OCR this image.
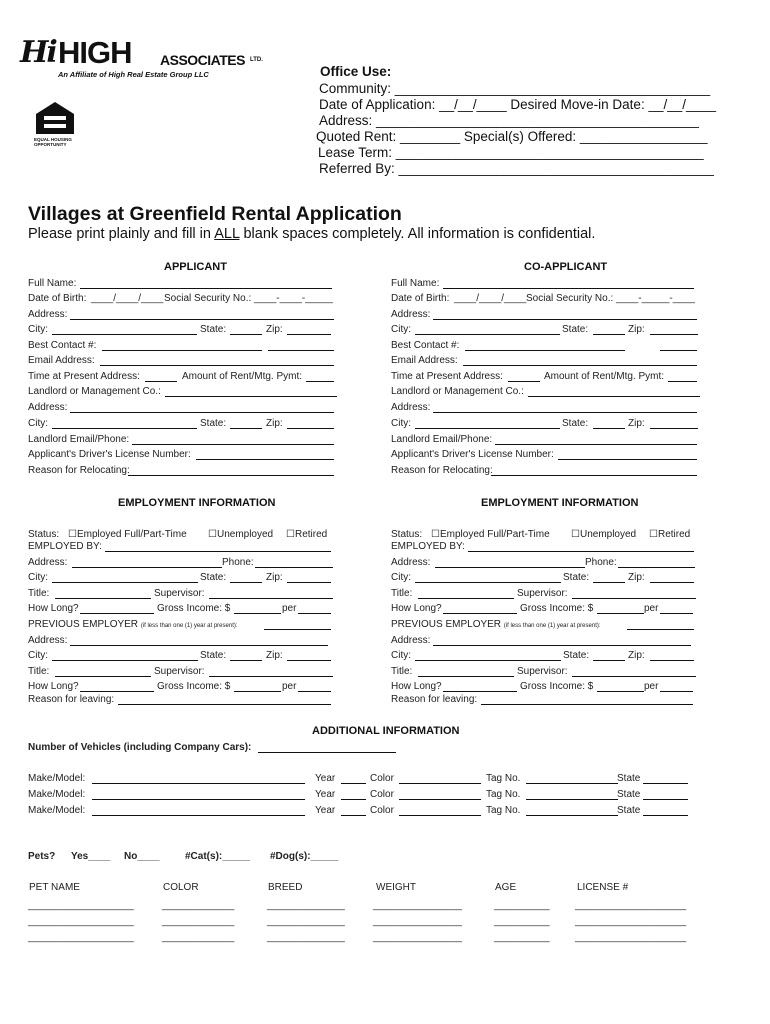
Hi HIGH ASSOCIATES LTD.
An Affiliate of High Real Estate Group LLC
EQUAL HOUSING OPPORTUNITY
Office Use:
Community: __________________________________________
Date of Application: __/__/____ Desired Move-in Date: __/__/____
Address: ___________________________________________
Quoted Rent: ________ Special(s) Offered: _________________
Lease Term: _________________________________________
Referred By: __________________________________________
Villages at Greenfield Rental Application
Please print plainly and fill in ALL blank spaces completely. All information is confidential.
APPLICANT	CO-APPLICANT
Full Name:
Date of Birth: ____/____/____ Social Security No.: ____-____-_____
Address:
City:	State:	Zip:
Best Contact #:
Email Address:
Time at Present Address:	Amount of Rent/Mtg. Pymt:
Landlord or Management Co.:
Address:
City:	State:	Zip:
Landlord Email/Phone:
Applicant's Driver's License Number:
Reason for Relocating:
Full Name:
Date of Birth: ____/____/____ Social Security No.: ____-_____-____
Address:
City:	State:	Zip:
Best Contact #:
Email Address:
Time at Present Address:	Amount of Rent/Mtg. Pymt:
Landlord or Management Co.:
Address:
City:	State:	Zip:
Landlord Email/Phone:
Applicant's Driver's License Number:
Reason for Relocating:
EMPLOYMENT INFORMATION	EMPLOYMENT INFORMATION
Status: ☐Employed Full/Part-Time ☐Unemployed ☐Retired
EMPLOYED BY:
Address:	Phone:
City:	State:	Zip:
Title:	Supervisor:
How Long?	Gross Income: $	per
PREVIOUS EMPLOYER (if less than one (1) year at present):
Address:
City:	State:	Zip:
Title:	Supervisor:
How Long?	Gross Income: $	per
Reason for leaving:
Status: ☐Employed Full/Part-Time ☐Unemployed ☐Retired
EMPLOYED BY:
Address:	Phone:
City:	State:	Zip:
Title:	Supervisor:
How Long?	Gross Income: $	per
PREVIOUS EMPLOYER (if less than one (1) year at present):
Address:
City:	State:	Zip:
Title:	Supervisor:
How Long?	Gross Income: $	per
Reason for leaving:
ADDITIONAL INFORMATION
Number of Vehicles (including Company Cars):
Make/Model:	Year	Color	Tag No.	State
Make/Model:	Year	Color	Tag No.	State
Make/Model:	Year	Color	Tag No.	State
Pets? Yes____ No____	#Cat(s):_____ #Dog(s):_____
PET NAME	COLOR	BREED	WEIGHT	AGE	LICENSE #
___________________	_____________	______________	________________	__________	____________________
___________________	_____________	______________	________________	__________	____________________
___________________	_____________	______________	________________	__________	____________________
